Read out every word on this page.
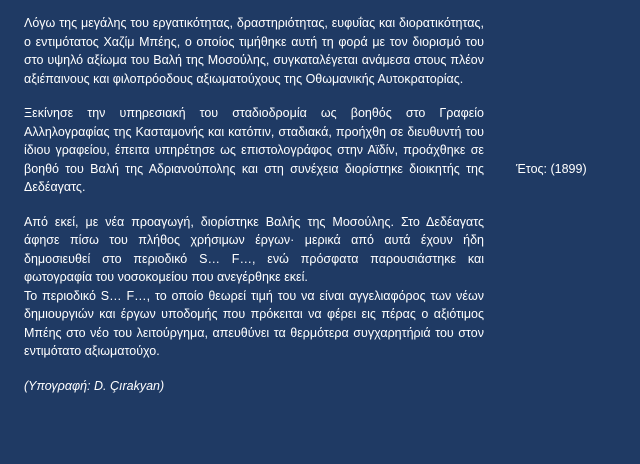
Λόγω της μεγάλης του εργατικότητας, δραστηριότητας, ευφυΐας και διορατικότητας, ο εντιμότατος Χαζίμ Μπέης, ο οποίος τιμήθηκε αυτή τη φορά με τον διορισμό του στο υψηλό αξίωμα του Βαλή της Μοσούλης, συγκαταλέγεται ανάμεσα στους πλέον αξιέπαινους και φιλοπρόοδους αξιωματούχους της Οθωμανικής Αυτοκρατορίας.

Ξεκίνησε την υπηρεσιακή του σταδιοδρομία ως βοηθός στο Γραφείο Αλληλογραφίας της Κασταμονής και κατόπιν, σταδιακά, προήχθη σε διευθυντή του ίδιου γραφείου, έπειτα υπηρέτησε ως επιστολογράφος στην Αϊδίν, προάχθηκε σε βοηθό του Βαλή της Αδριανούπολης και στη συνέχεια διορίστηκε διοικητής της Δεδέαγατς.

Από εκεί, με νέα προαγωγή, διορίστηκε Βαλής της Μοσούλης. Στο Δεδέαγατς άφησε πίσω του πλήθος χρήσιμων έργων· μερικά από αυτά έχουν ήδη δημοσιευθεί στο περιοδικό S… F…, ενώ πρόσφατα παρουσιάστηκε και φωτογραφία του νοσοκομείου που ανεγέρθηκε εκεί.

Το περιοδικό S… F…, το οποίο θεωρεί τιμή του να είναι αγγελιαφόρος των νέων δημιουργιών και έργων υποδομής που πρόκειται να φέρει εις πέρας ο αξιότιμος Μπέης στο νέο του λειτούργημα, απευθύνει τα θερμότερα συγχαρητήριά του στον εντιμότατο αξιωματούχο.

(Υπογραφή: D. Çırakyan)

Έτος: (1899)
